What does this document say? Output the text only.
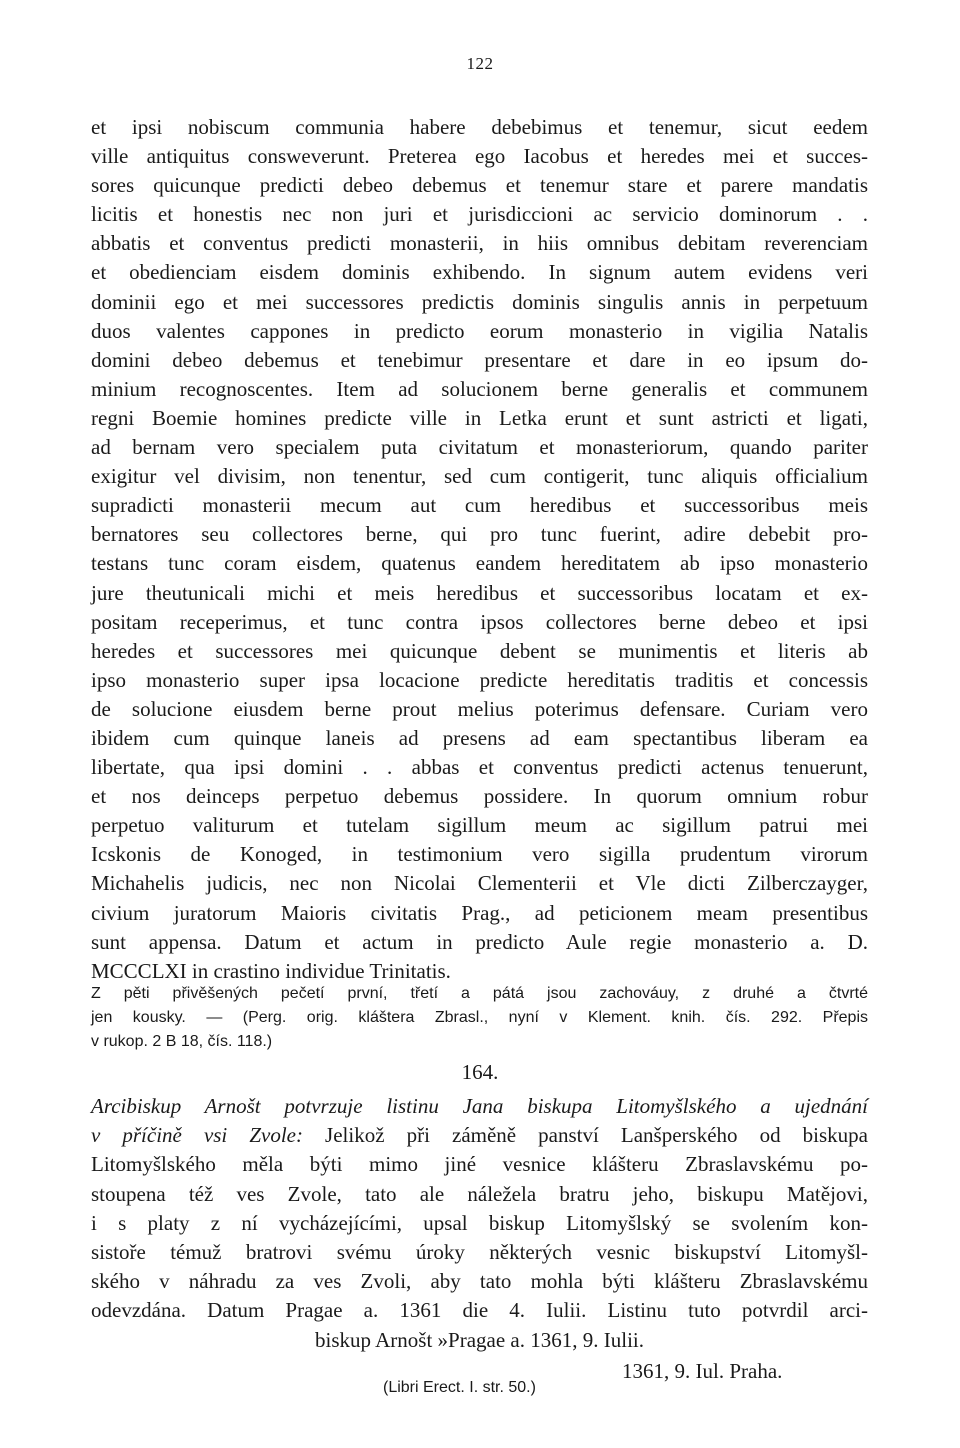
122
et ipsi nobiscum communia habere debebimus et tenemur, sicut eedem
ville antiquitus consweverunt. Preterea ego Iacobus et heredes mei et succes-
sores quicunque predicti debeo debemus et tenemur stare et parere mandatis
licitis et honestis nec non juri et jurisdiccioni ac servicio dominorum . .
abbatis et conventus predicti monasterii, in hiis omnibus debitam reverenciam
et obedienciam eisdem dominis exhibendo. In signum autem evidens veri
dominii ego et mei successores predictis dominis singulis annis in perpetuum
duos valentes cappones in predicto eorum monasterio in vigilia Natalis
domini debeo debemus et tenebimur presentare et dare in eo ipsum do-
minium recognoscentes. Item ad solucionem berne generalis et communem
regni Boemie homines predicte ville in Letka erunt et sunt astricti et ligati,
ad bernam vero specialem puta civitatum et monasteriorum, quando pariter
exigitur vel divisim, non tenentur, sed cum contigerit, tunc aliquis officialium
supradicti monasterii mecum aut cum heredibus et successoribus meis
bernatores seu collectores berne, qui pro tunc fuerint, adire debebit pro-
testans tunc coram eisdem, quatenus eandem hereditatem ab ipso monasterio
jure theutunicali michi et meis heredibus et successoribus locatam et ex-
positam receperimus, et tunc contra ipsos collectores berne debeo et ipsi
heredes et successores mei quicunque debent se munimentis et literis ab
ipso monasterio super ipsa locacione predicte hereditatis traditis et concessis
de solucione eiusdem berne prout melius poterimus defensare. Curiam vero
ibidem cum quinque laneis ad presens ad eam spectantibus liberam ea
libertate, qua ipsi domini . . abbas et conventus predicti actenus tenuerunt,
et nos deinceps perpetuo debemus possidere. In quorum omnium robur
perpetuo valiturum et tutelam sigillum meum ac sigillum patrui mei
Icskonis de Konoged, in testimonium vero sigilla prudentum virorum
Michahelis judicis, nec non Nicolai Clementerii et Vle dicti Zilberczayger,
civium juratorum Maioris civitatis Prag., ad peticionem meam presentibus
sunt appensa. Datum et actum in predicto Aule regie monasterio a. D.
MCCCLXI in crastino individue Trinitatis.
Z pěti přivěšených pečetí první, třetí a pátá jsou zachováuy, z druhé a čtvrté
jen kousky. — (Perg. orig. kláštera Zbrasl., nyní v Klement. knih. čís. 292. Přepis
v rukop. 2 B 18, čís. 118.)
164.
Arcibiskup Arnošt potvrzuje listinu Jana biskupa Litomyšlského a ujednání
v příčině vsi Zvole: Jelikož při záměně panství Lanšperského od biskupa
Litomyšlského měla býti mimo jiné vesnice klášteru Zbraslavskému po-
stoupena též ves Zvole, tato ale náležela bratru jeho, biskupu Matějovi,
i s platy z ní vycházejícími, upsal biskup Litomyšlský se svolením kon-
sistoře témuž bratrovi svému úroky některých vesnic biskupství Litomyšl-
ského v náhradu za ves Zvoli, aby tato mohla býti klášteru Zbraslavskému
odevzdána. Datum Pragae a. 1361 die 4. Iulii. Listinu tuto potvrdil arci-
biskup Arnošt »Pragae a. 1361, 9. Iulii.
(Libri Erect. I. str. 50.)
1361, 9. Iul. Praha.
